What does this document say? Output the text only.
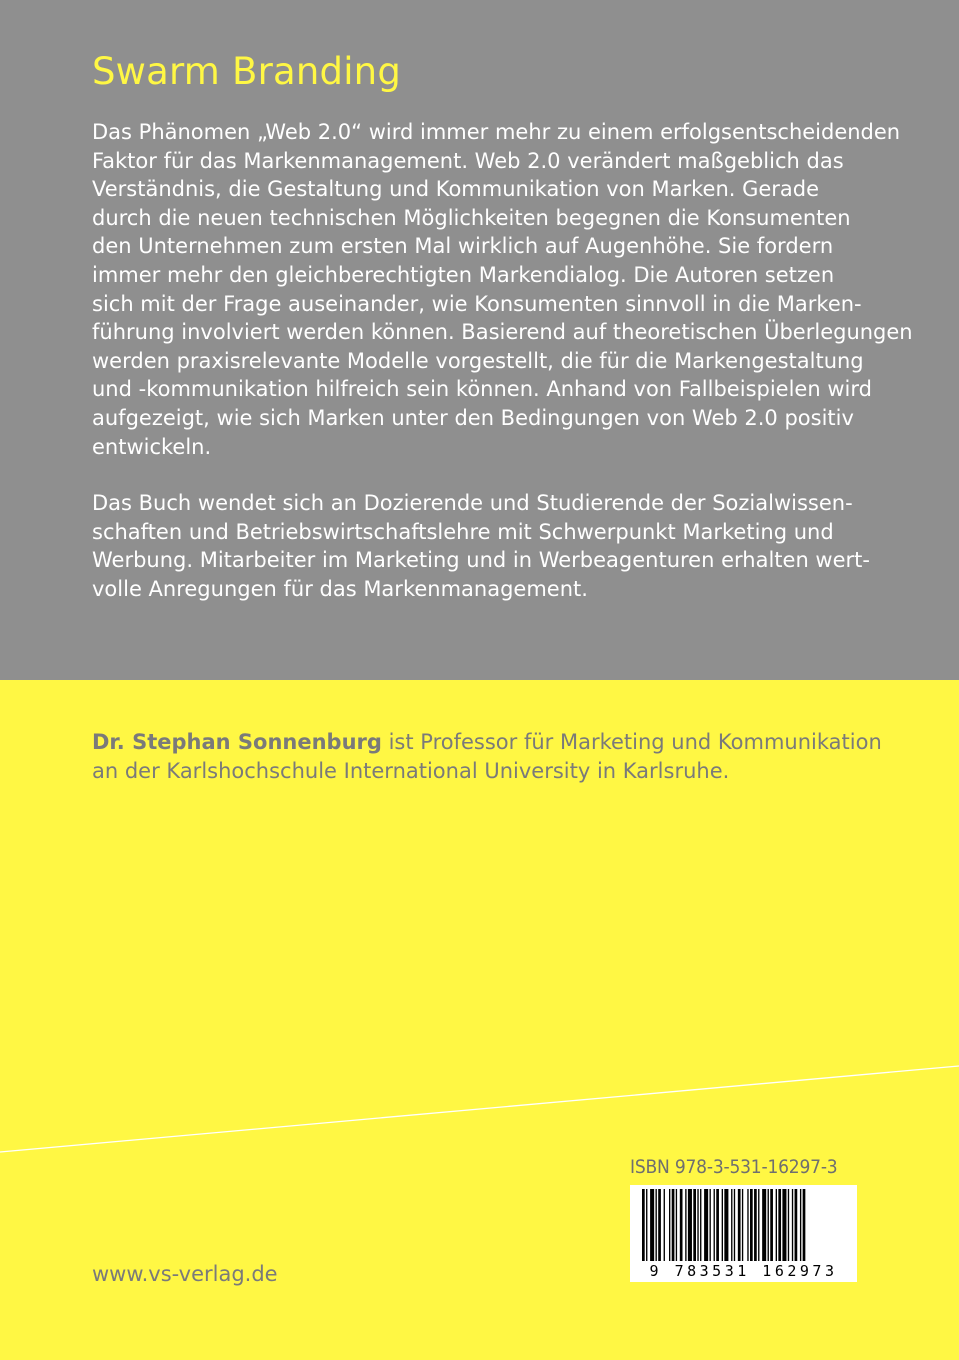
Swarm Branding

Das Phänomen „Web 2.0“ wird immer mehr zu einem erfolgsentscheidenden
Faktor für das Markenmanagement. Web 2.0 verändert maßgeblich das
Verständnis, die Gestaltung und Kommunikation von Marken. Gerade
durch die neuen technischen Möglichkeiten begegnen die Konsumenten
den Unternehmen zum ersten Mal wirklich auf Augenhöhe. Sie fordern
immer mehr den gleichberechtigten Markendialog. Die Autoren setzen
sich mit der Frage auseinander, wie Konsumenten sinnvoll in die Marken-
führung involviert werden können. Basierend auf theoretischen Überlegungen
werden praxisrelevante Modelle vorgestellt, die für die Markengestaltung
und -kommunikation hilfreich sein können. Anhand von Fallbeispielen wird
aufgezeigt, wie sich Marken unter den Bedingungen von Web 2.0 positiv
entwickeln.

Das Buch wendet sich an Dozierende und Studierende der Sozialwissen-
schaften und Betriebswirtschaftslehre mit Schwerpunkt Marketing und
Werbung. Mitarbeiter im Marketing und in Werbeagenturen erhalten wert-
volle Anregungen für das Markenmanagement.

Dr. Stephan Sonnenburg ist Professor für Marketing und Kommunikation
an der Karlshochschule International University in Karlsruhe.

ISBN 978-3-531-16297-3

9 783531 162973

www.vs-verlag.de
